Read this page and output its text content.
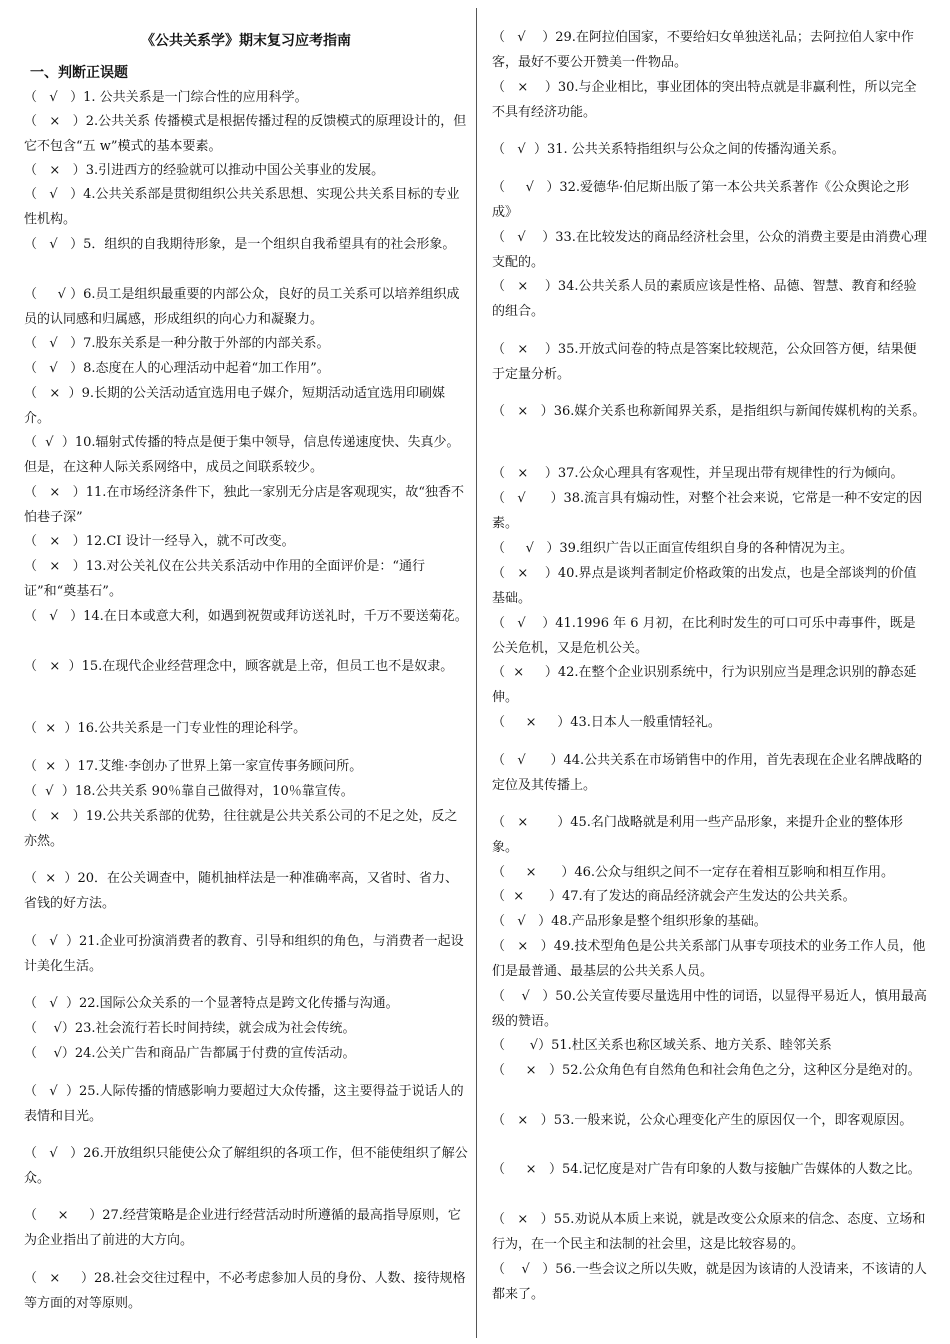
《公共关系学》期末复习应考指南
一、判断正误题
（   √   ）1. 公共关系是一门综合性的应用科学。
（   ×   ）2.公共关系 传播模式是根据传播过程的反馈模式的原理设计的，但它不包含“五 w”模式的基本要素。
（   ×   ）3.引进西方的经验就可以推动中国公关事业的发展。
（   √   ）4.公共关系部是贯彻组织公共关系思想、实现公共关系目标的专业性机构。
（   √   ）5．组织的自我期待形象，是一个组织自我希望具有的社会形象。
（     √ ）6.员工是组织最重要的内部公众，良好的员工关系可以培养组织成员的认同感和归属感，形成组织的向心力和凝聚力。
（   √   ）7.股东关系是一种分散于外部的内部关系。
（   √   ）8.态度在人的心理活动中起着“加工作用”。
（   ×  ）9.长期的公关活动适宜选用电子媒介，短期活动适宜选用印刷媒介。
（  √  ）10.辐射式传播的特点是便于集中领导，信息传递速度快、失真少。但是，在这种人际关系网络中，成员之间联系较少。
（   ×   ）11.在市场经济条件下，独此一家别无分店是客观现实，故“独香不怕巷子深”
（   ×   ）12.CI 设计一经导入，就不可改变。
（   ×   ）13.对公关礼仪在公共关系活动中作用的全面评价是：“通行证”和“奠基石”。
（   √   ）14.在日本或意大利，如遇到祝贺或拜访送礼时，千万不要送菊花。
（   ×  ）15.在现代企业经营理念中，顾客就是上帝，但员工也不是奴隶。
（  ×  ）16.公共关系是一门专业性的理论科学。
（  ×  ）17.艾维·李创办了世界上第一家宣传事务顾问所。
（  √  ）18.公共关系 90％靠自己做得对，10％靠宣传。
（   ×   ）19.公共关系部的优势，往往就是公共关系公司的不足之处，反之亦然。
（  ×  ）20．在公关调查中，随机抽样法是一种准确率高，又省时、省力、省钱的好方法。
（   √  ）21.企业可扮演消费者的教育、引导和组织的角色，与消费者一起设计美化生活。
（   √  ）22.国际公众关系的一个显著特点是跨文化传播与沟通。
（    √）23.社会流行若长时间持续，就会成为社会传统。
（    √）24.公关广告和商品广告都属于付费的宣传活动。
（   √  ）25.人际传播的情感影响力要超过大众传播，这主要得益于说话人的表情和目光。
（   √   ）26.开放组织只能使公众了解组织的各项工作，但不能使组织了解公众。
（     ×     ）27.经营策略是企业进行经营活动时所遵循的最高指导原则，它为企业指出了前进的大方向。
（   ×     ）28.社会交往过程中，不必考虑参加人员的身份、人数、接待规格等方面的对等原则。
（   √    ）29.在阿拉伯国家，不要给妇女单独送礼品；去阿拉伯人家中作客，最好不要公开赞美一件物品。
（   ×    ）30.与企业相比，事业团体的突出特点就是非赢利性，所以完全不具有经济功能。
（   √  ）31. 公共关系特指组织与公众之间的传播沟通关系。
（     √   ）32.爱德华·伯尼斯出版了第一本公共关系著作《公众舆论之形成》
（   √    ）33.在比较发达的商品经济杜会里，公众的消费主要是由消费心理支配的。
（   ×    ）34.公共关系人员的素质应该是性格、品德、智慧、教育和经验的组合。
（   ×    ）35.开放式问卷的特点是答案比较规范，公众回答方便，结果便于定量分析。
（   ×   ）36.媒介关系也称新闻界关系，是指组织与新闻传媒机构的关系。
（   ×    ）37.公众心理具有客观性，并呈现出带有规律性的行为倾向。
（   √      ）38.流言具有煽动性，对整个社会来说，它常是一种不安定的因素。
（     √   ）39.组织广告以正面宣传组织自身的各种情况为主。
（   ×    ）40.界点是谈判者制定价格政策的出发点，也是全部谈判的价值基础。
（   √    ）41.1996 年 6 月初，在比利时发生的可口可乐中毒事件，既是公关危机，又是危机公关。
（  ×     ）42.在整个企业识别系统中，行为识别应当是理念识别的静态延伸。
（     ×     ）43.日本人一般重情轻礼。
（   √      ）44.公共关系在市场销售中的作用，首先表现在企业名牌战略的定位及其传播上。
（   ×       ）45.名门战略就是利用一些产品形象，来提升企业的整体形象。
（     ×      ）46.公众与组织之间不一定存在着相互影响和相互作用。
（  ×      ）47.有了发达的商品经济就会产生发达的公共关系。
（   √   ）48.产品形象是整个组织形象的基础。
（   ×   ）49.技术型角色是公共关系部门从事专项技术的业务工作人员，他们是最普通、最基层的公共关系人员。
（    √   ）50.公关宣传要尽量选用中性的词语，以显得平易近人，慎用最高级的赞语。
（      √）51.杜区关系也称区域关系、地方关系、睦邻关系
（     ×   ）52.公众角色有自然角色和社会角色之分，这种区分是绝对的。
（   ×   ）53.一般来说，公众心理变化产生的原因仅一个，即客观原因。
（     ×   ）54.记忆度是对广告有印象的人数与接触广告媒体的人数之比。
（   ×   ）55.劝说从本质上来说，就是改变公众原来的信念、态度、立场和行为，在一个民主和法制的社会里，这是比较容易的。
（    √   ）56.一些会议之所以失败，就是因为该请的人没请来，不该请的人都来了。
